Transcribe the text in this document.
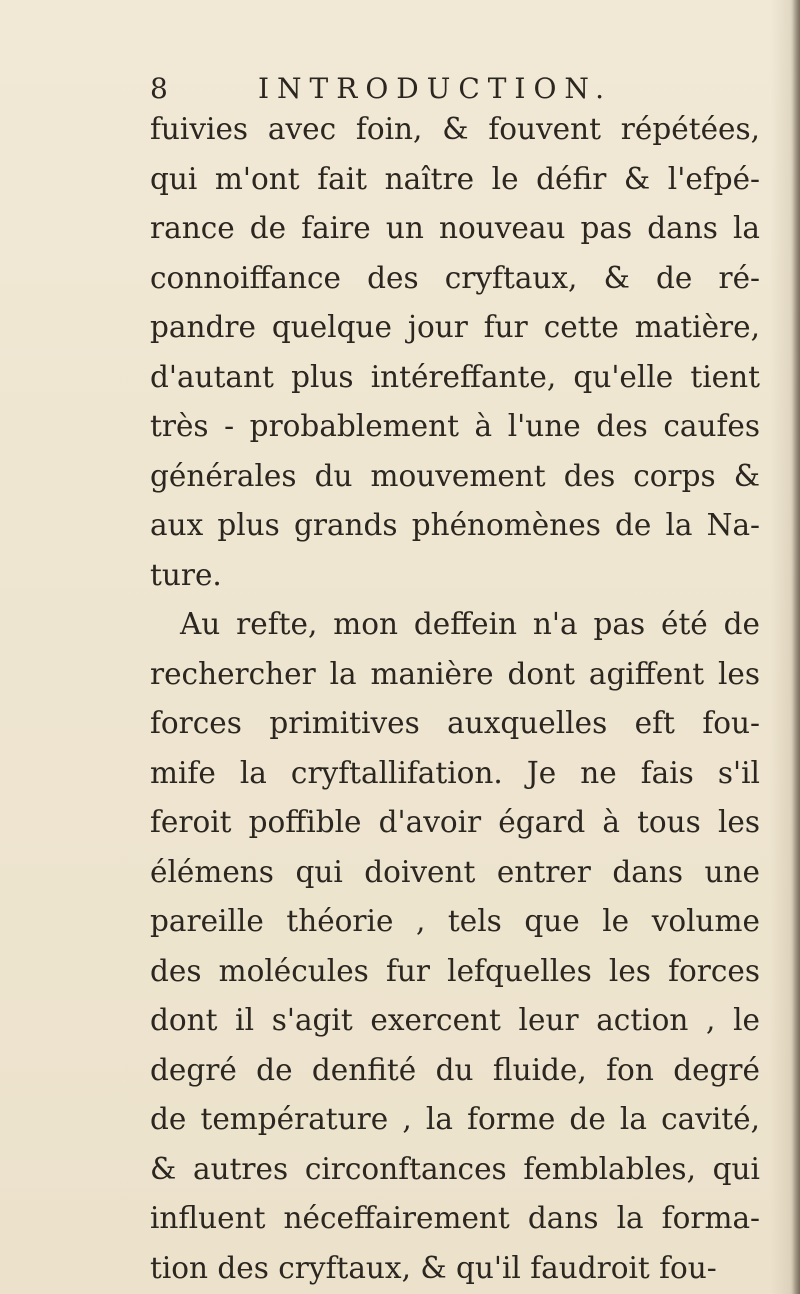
8	INTRODUCTION.
fuivies avec foin, & fouvent répétées,
qui m'ont fait naître le défir & l'efpé-
rance de faire un nouveau pas dans la
connoiffance des cryftaux, & de ré-
pandre quelque jour fur cette matière,
d'autant plus intéreffante, qu'elle tient
très - probablement à l'une des caufes
générales du mouvement des corps &
aux plus grands phénomènes de la Na-
ture.
Au refte, mon deffein n'a pas été de
rechercher la manière dont agiffent les
forces primitives auxquelles eft fou-
mife la cryftallifation. Je ne fais s'il
feroit poffible d'avoir égard à tous les
élémens qui doivent entrer dans une
pareille théorie , tels que le volume
des molécules fur lefquelles les forces
dont il s'agit exercent leur action , le
degré de denfité du fluide, fon degré
de température , la forme de la cavité,
& autres circonftances femblables, qui
influent néceffairement dans la forma-
tion des cryftaux, & qu'il faudroit fou-
